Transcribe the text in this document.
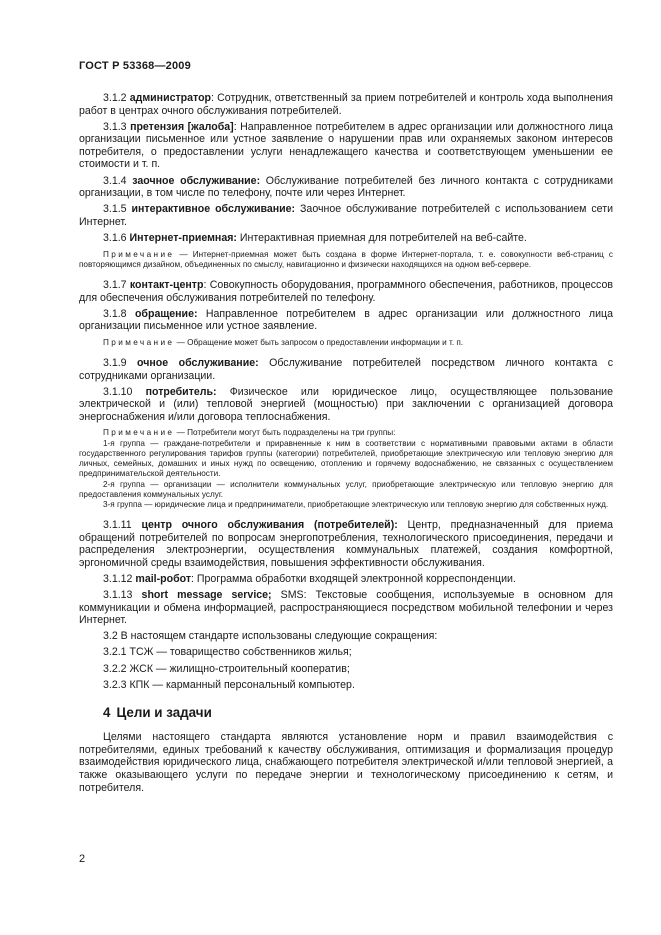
ГОСТ Р 53368—2009

3.1.2 администратор: Сотрудник, ответственный за прием потребителей и контроль хода выполнения работ в центрах очного обслуживания потребителей.

3.1.3 претензия [жалоба]: Направленное потребителем в адрес организации или должностного лица организации письменное или устное заявление о нарушении прав или охраняемых законом интересов потребителя, о предоставлении услуги ненадлежащего качества и соответствующем уменьшении ее стоимости и т. п.

3.1.4 заочное обслуживание: Обслуживание потребителей без личного контакта с сотрудниками организации, в том числе по телефону, почте или через Интернет.

3.1.5 интерактивное обслуживание: Заочное обслуживание потребителей с использованием сети Интернет.

3.1.6 Интернет-приемная: Интерактивная приемная для потребителей на веб-сайте.

Примечание — Интернет-приемная может быть создана в форме Интернет-портала, т. е. совокупности веб-страниц с повторяющимся дизайном, объединенных по смыслу, навигационно и физически находящихся на одном веб-сервере.

3.1.7 контакт-центр: Совокупность оборудования, программного обеспечения, работников, процессов для обеспечения обслуживания потребителей по телефону.

3.1.8 обращение: Направленное потребителем в адрес организации или должностного лица организации письменное или устное заявление.

Примечание — Обращение может быть запросом о предоставлении информации и т. п.

3.1.9 очное обслуживание: Обслуживание потребителей посредством личного контакта с сотрудниками организации.

3.1.10 потребитель: Физическое или юридическое лицо, осуществляющее пользование электрической и (или) тепловой энергией (мощностью) при заключении с организацией договора энергоснабжения и/или договора теплоснабжения.

Примечание — Потребители могут быть подразделены на три группы:

1-я группа — граждане-потребители и приравненные к ним в соответствии с нормативными правовыми актами в области государственного регулирования тарифов группы (категории) потребителей, приобретающие электрическую или тепловую энергию для личных, семейных, домашних и иных нужд по освещению, отоплению и горячему водоснабжению, не связанных с осуществлением предпринимательской деятельности.

2-я группа — организации — исполнители коммунальных услуг, приобретающие электрическую или тепловую энергию для предоставления коммунальных услуг.

3-я группа — юридические лица и предприниматели, приобретающие электрическую или тепловую энергию для собственных нужд.

3.1.11 центр очного обслуживания (потребителей): Центр, предназначенный для приема обращений потребителей по вопросам энергопотребления, технологического присоединения, передачи и распределения электроэнергии, осуществления коммунальных платежей, создания комфортной, эргономичной среды взаимодействия, повышения эффективности обслуживания.

3.1.12 mail-робот: Программа обработки входящей электронной корреспонденции.

3.1.13 short message service; SMS: Текстовые сообщения, используемые в основном для коммуникации и обмена информацией, распространяющиеся посредством мобильной телефонии и через Интернет.

3.2 В настоящем стандарте использованы следующие сокращения:

3.2.1 ТСЖ — товарищество собственников жилья;

3.2.2 ЖСК — жилищно-строительный кооператив;

3.2.3 КПК — карманный персональный компьютер.

4 Цели и задачи

Целями настоящего стандарта являются установление норм и правил взаимодействия с потребителями, единых требований к качеству обслуживания, оптимизация и формализация процедур взаимодействия юридического лица, снабжающего потребителя электрической и/или тепловой энергией, а также оказывающего услуги по передаче энергии и технологическому присоединению к сетям, и потребителя.

2
